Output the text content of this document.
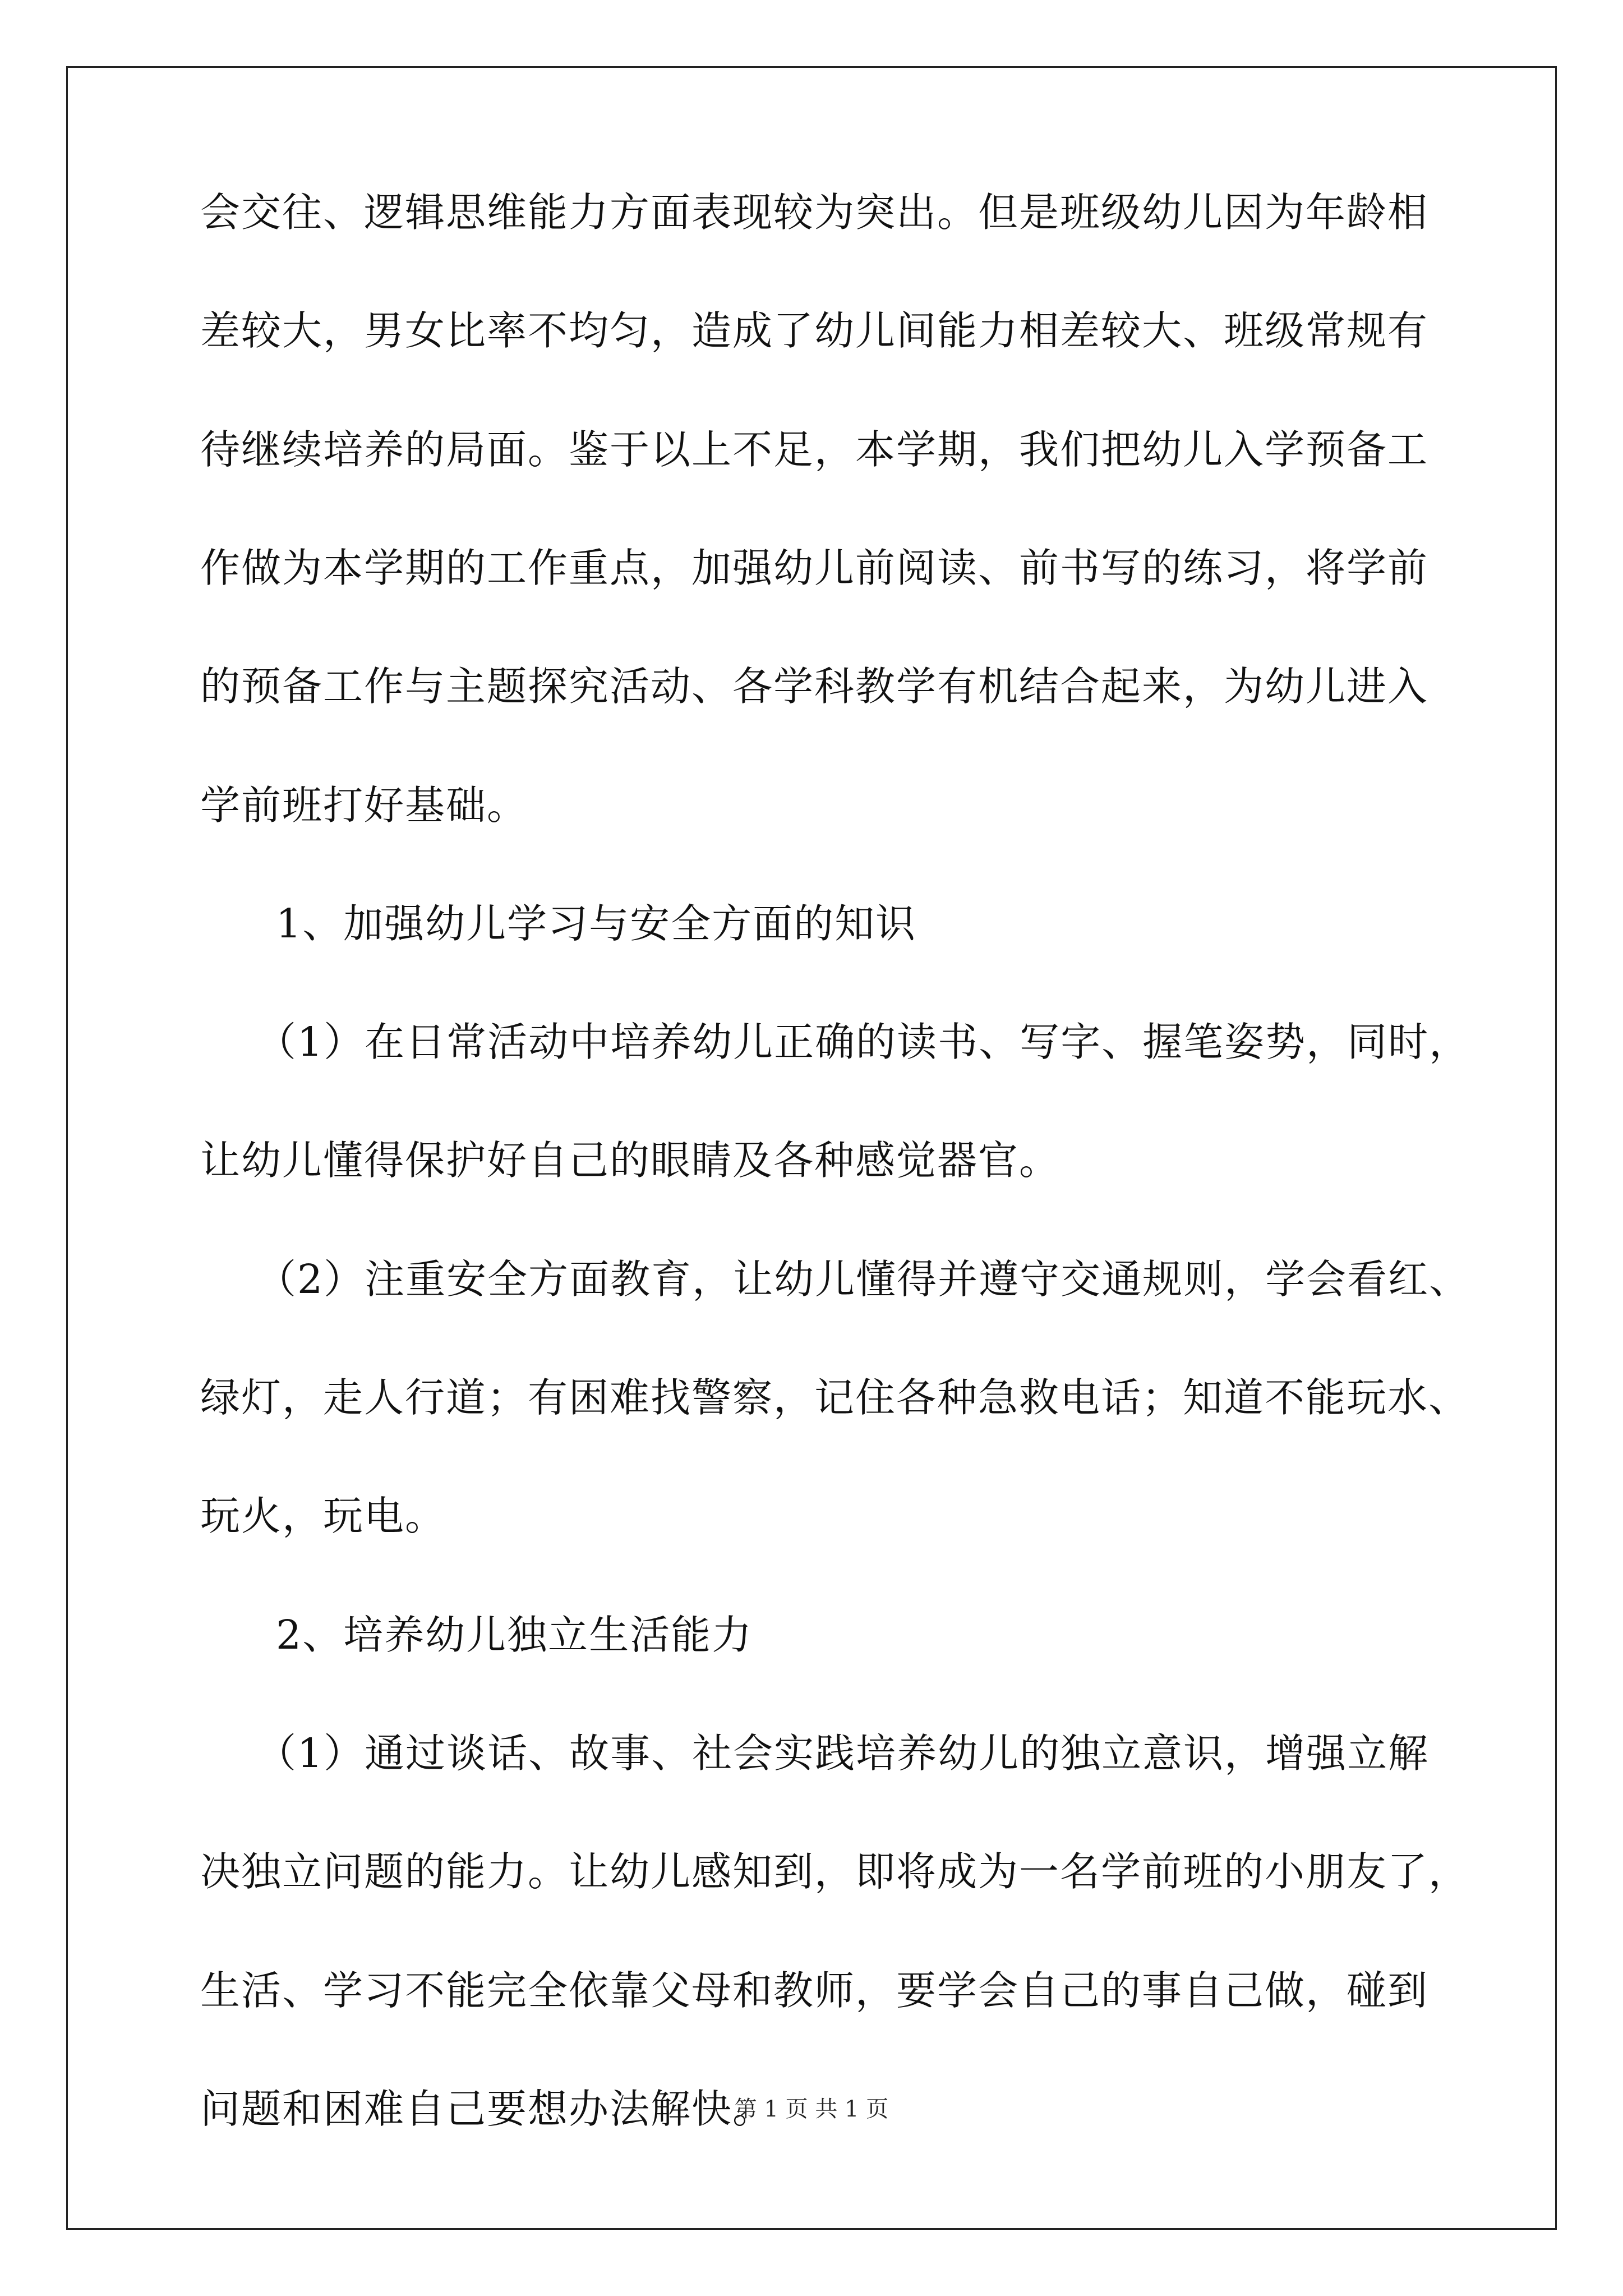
会交往、逻辑思维能力方面表现较为突出。但是班级幼儿因为年龄相
差较大，男女比率不均匀，造成了幼儿间能力相差较大、班级常规有
待继续培养的局面。鉴于以上不足，本学期，我们把幼儿入学预备工
作做为本学期的工作重点，加强幼儿前阅读、前书写的练习，将学前
的预备工作与主题探究活动、各学科教学有机结合起来，为幼儿进入
学前班打好基础。
1、加强幼儿学习与安全方面的知识
（1）在日常活动中培养幼儿正确的读书、写字、握笔姿势，同时，
让幼儿懂得保护好自己的眼睛及各种感觉器官。
（2）注重安全方面教育，让幼儿懂得并遵守交通规则，学会看红、
绿灯，走人行道；有困难找警察，记住各种急救电话；知道不能玩水、
玩火，玩电。
2、培养幼儿独立生活能力
（1）通过谈话、故事、社会实践培养幼儿的独立意识，增强立解
决独立问题的能力。让幼儿感知到，即将成为一名学前班的小朋友了，
生活、学习不能完全依靠父母和教师，要学会自己的事自己做，碰到
问题和困难自己要想办法解快。
第 1 页 共 1 页
